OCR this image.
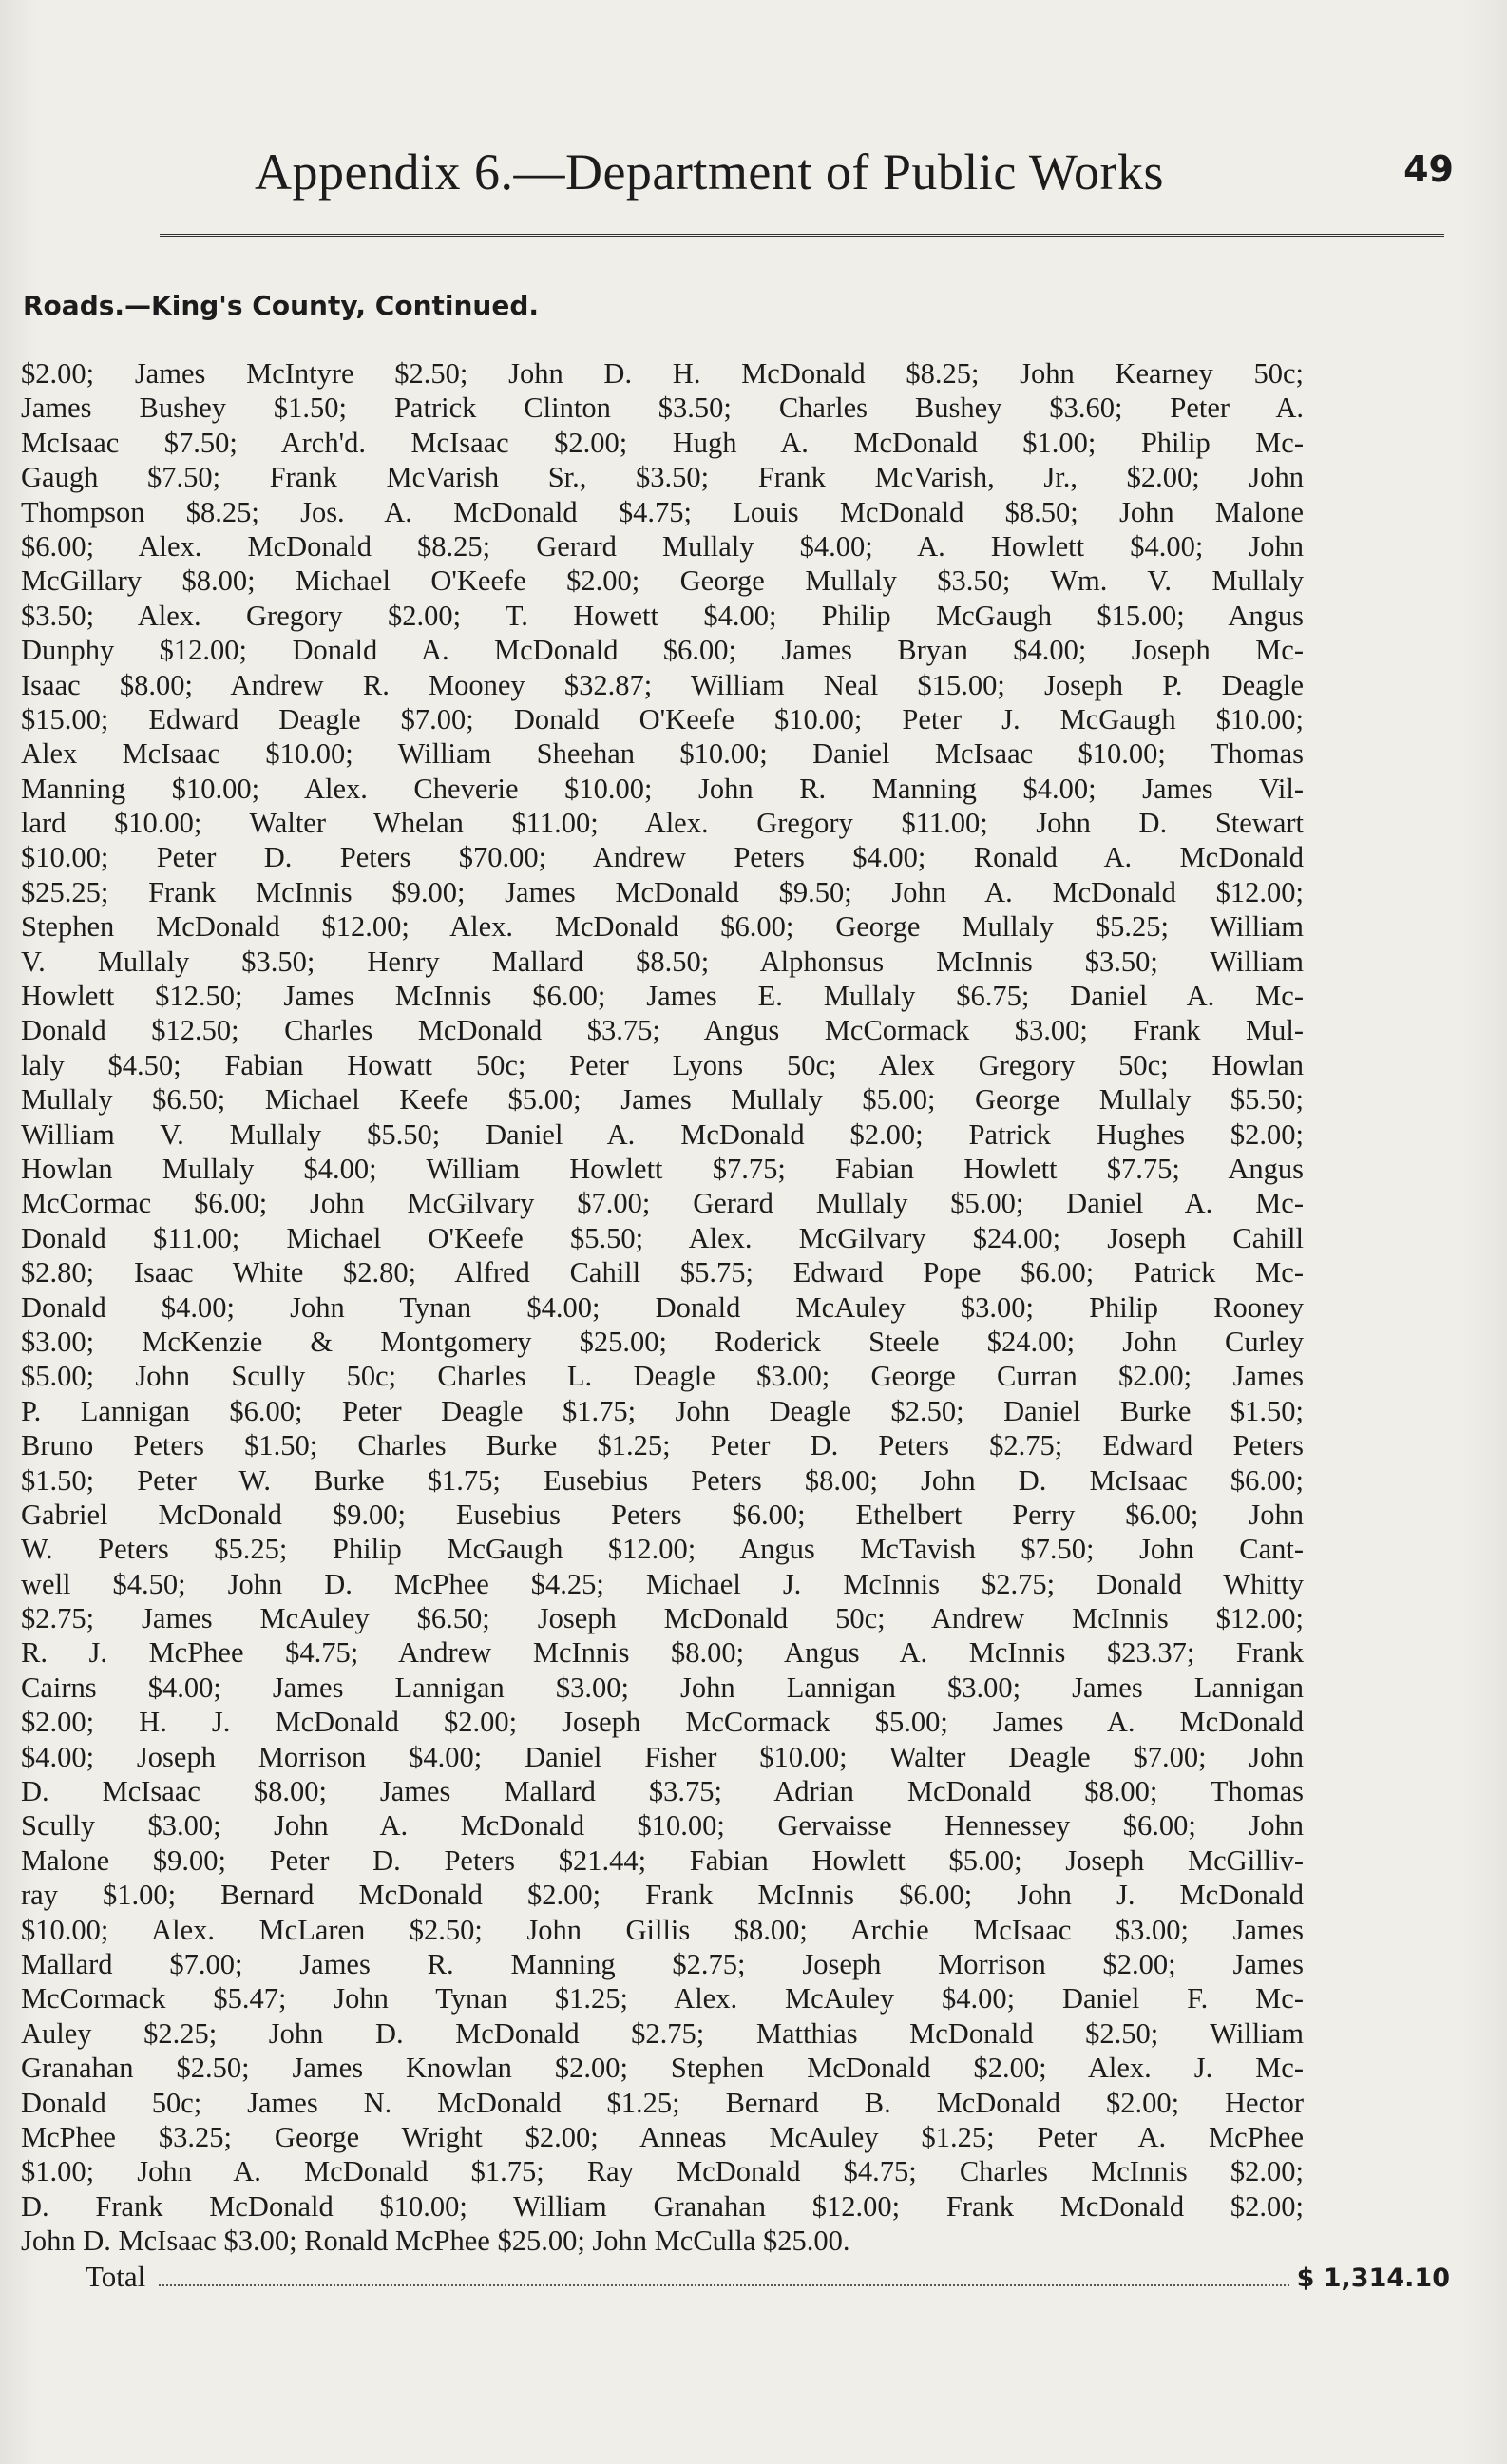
Appendix 6.—Department of Public Works	49
Roads.—King's County, Continued.
$2.00; James McIntyre $2.50; John D. H. McDonald $8.25; John Kearney 50c;
James Bushey $1.50; Patrick Clinton $3.50; Charles Bushey $3.60; Peter A.
McIsaac $7.50; Arch'd. McIsaac $2.00; Hugh A. McDonald $1.00; Philip Mc-
Gaugh $7.50; Frank McVarish Sr., $3.50; Frank McVarish, Jr., $2.00; John
Thompson $8.25; Jos. A. McDonald $4.75; Louis McDonald $8.50; John Malone
$6.00; Alex. McDonald $8.25; Gerard Mullaly $4.00; A. Howlett $4.00; John
McGillary $8.00; Michael O'Keefe $2.00; George Mullaly $3.50; Wm. V. Mullaly
$3.50; Alex. Gregory $2.00; T. Howett $4.00; Philip McGaugh $15.00; Angus
Dunphy $12.00; Donald A. McDonald $6.00; James Bryan $4.00; Joseph Mc-
Isaac $8.00; Andrew R. Mooney $32.87; William Neal $15.00; Joseph P. Deagle
$15.00; Edward Deagle $7.00; Donald O'Keefe $10.00; Peter J. McGaugh $10.00;
Alex McIsaac $10.00; William Sheehan $10.00; Daniel McIsaac $10.00; Thomas
Manning $10.00; Alex. Cheverie $10.00; John R. Manning $4.00; James Vil-
lard $10.00; Walter Whelan $11.00; Alex. Gregory $11.00; John D. Stewart
$10.00; Peter D. Peters $70.00; Andrew Peters $4.00; Ronald A. McDonald
$25.25; Frank McInnis $9.00; James McDonald $9.50; John A. McDonald $12.00;
Stephen McDonald $12.00; Alex. McDonald $6.00; George Mullaly $5.25; William
V. Mullaly $3.50; Henry Mallard $8.50; Alphonsus McInnis $3.50; William
Howlett $12.50; James McInnis $6.00; James E. Mullaly $6.75; Daniel A. Mc-
Donald $12.50; Charles McDonald $3.75; Angus McCormack $3.00; Frank Mul-
laly $4.50; Fabian Howatt 50c; Peter Lyons 50c; Alex Gregory 50c; Howlan
Mullaly $6.50; Michael Keefe $5.00; James Mullaly $5.00; George Mullaly $5.50;
William V. Mullaly $5.50; Daniel A. McDonald $2.00; Patrick Hughes $2.00;
Howlan Mullaly $4.00; William Howlett $7.75; Fabian Howlett $7.75; Angus
McCormac $6.00; John McGilvary $7.00; Gerard Mullaly $5.00; Daniel A. Mc-
Donald $11.00; Michael O'Keefe $5.50; Alex. McGilvary $24.00; Joseph Cahill
$2.80; Isaac White $2.80; Alfred Cahill $5.75; Edward Pope $6.00; Patrick Mc-
Donald $4.00; John Tynan $4.00; Donald McAuley $3.00; Philip Rooney
$3.00; McKenzie & Montgomery $25.00; Roderick Steele $24.00; John Curley
$5.00; John Scully 50c; Charles L. Deagle $3.00; George Curran $2.00; James
P. Lannigan $6.00; Peter Deagle $1.75; John Deagle $2.50; Daniel Burke $1.50;
Bruno Peters $1.50; Charles Burke $1.25; Peter D. Peters $2.75; Edward Peters
$1.50; Peter W. Burke $1.75; Eusebius Peters $8.00; John D. McIsaac $6.00;
Gabriel McDonald $9.00; Eusebius Peters $6.00; Ethelbert Perry $6.00; John
W. Peters $5.25; Philip McGaugh $12.00; Angus McTavish $7.50; John Cant-
well $4.50; John D. McPhee $4.25; Michael J. McInnis $2.75; Donald Whitty
$2.75; James McAuley $6.50; Joseph McDonald 50c; Andrew McInnis $12.00;
R. J. McPhee $4.75; Andrew McInnis $8.00; Angus A. McInnis $23.37; Frank
Cairns $4.00; James Lannigan $3.00; John Lannigan $3.00; James Lannigan
$2.00; H. J. McDonald $2.00; Joseph McCormack $5.00; James A. McDonald
$4.00; Joseph Morrison $4.00; Daniel Fisher $10.00; Walter Deagle $7.00; John
D. McIsaac $8.00; James Mallard $3.75; Adrian McDonald $8.00; Thomas
Scully $3.00; John A. McDonald $10.00; Gervaisse Hennessey $6.00; John
Malone $9.00; Peter D. Peters $21.44; Fabian Howlett $5.00; Joseph McGilliv-
ray $1.00; Bernard McDonald $2.00; Frank McInnis $6.00; John J. McDonald
$10.00; Alex. McLaren $2.50; John Gillis $8.00; Archie McIsaac $3.00; James
Mallard $7.00; James R. Manning $2.75; Joseph Morrison $2.00; James
McCormack $5.47; John Tynan $1.25; Alex. McAuley $4.00; Daniel F. Mc-
Auley $2.25; John D. McDonald $2.75; Matthias McDonald $2.50; William
Granahan $2.50; James Knowlan $2.00; Stephen McDonald $2.00; Alex. J. Mc-
Donald 50c; James N. McDonald $1.25; Bernard B. McDonald $2.00; Hector
McPhee $3.25; George Wright $2.00; Anneas McAuley $1.25; Peter A. McPhee
$1.00; John A. McDonald $1.75; Ray McDonald $4.75; Charles McInnis $2.00;
D. Frank McDonald $10.00; William Granahan $12.00; Frank McDonald $2.00;
John D. McIsaac $3.00; Ronald McPhee $25.00; John McCulla $25.00.
Total	$ 1,314.10
